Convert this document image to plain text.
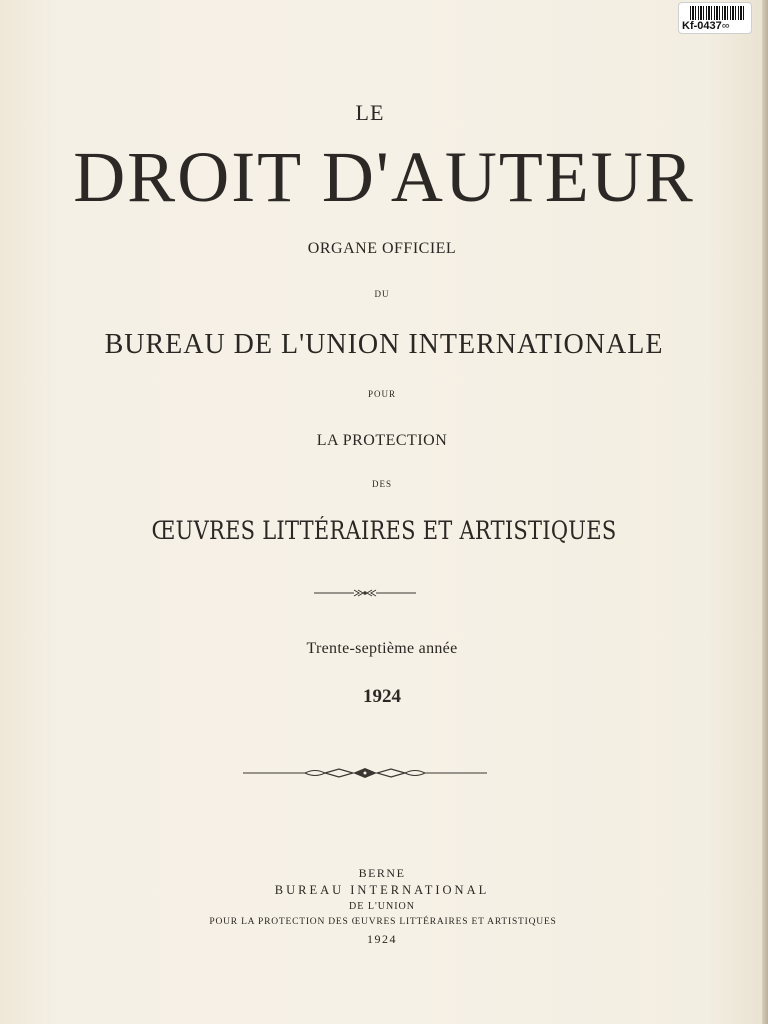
Kf-0437∞
LE
DROIT D'AUTEUR
ORGANE OFFICIEL
DU
BUREAU DE L'UNION INTERNATIONALE
POUR
LA PROTECTION
DES
ŒUVRES LITTÉRAIRES ET ARTISTIQUES
Trente-septième année
1924
BERNE
BUREAU INTERNATIONAL
DE L'UNION
POUR LA PROTECTION DES ŒUVRES LITTÉRAIRES ET ARTISTIQUES
1924
